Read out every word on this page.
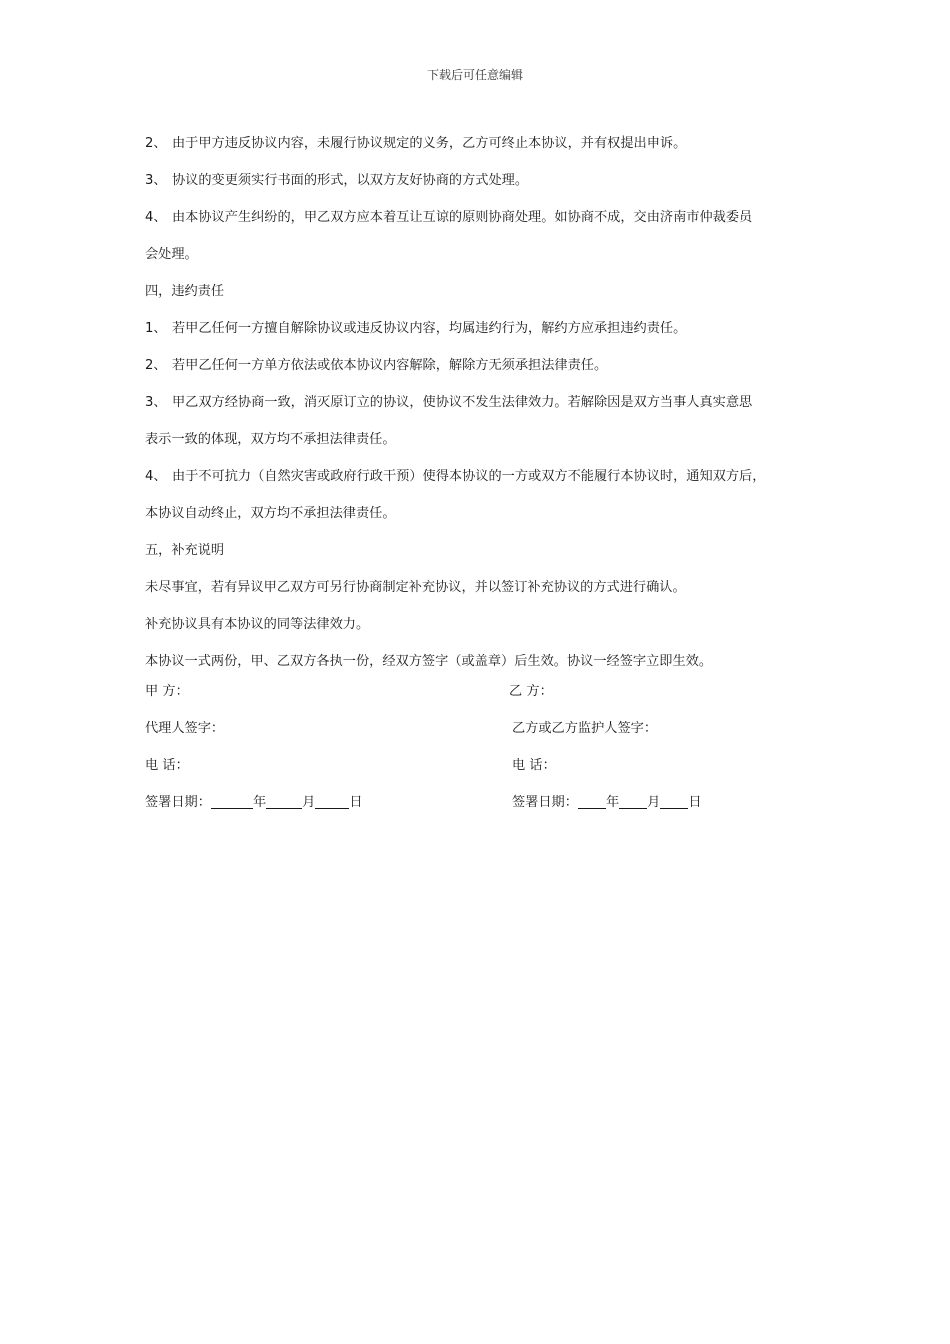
下载后可任意编辑
2、 由于甲方违反协议内容，未履行协议规定的义务，乙方可终止本协议，并有权提出申诉。
3、 协议的变更须实行书面的形式，以双方友好协商的方式处理。
4、 由本协议产生纠纷的，甲乙双方应本着互让互谅的原则协商处理。如协商不成，交由济南市仲裁委员
会处理。
四，违约责任
1、 若甲乙任何一方擅自解除协议或违反协议内容，均属违约行为，解约方应承担违约责任。
2、 若甲乙任何一方单方依法或依本协议内容解除，解除方无须承担法律责任。
3、 甲乙双方经协商一致，消灭原订立的协议，使协议不发生法律效力。若解除因是双方当事人真实意思
表示一致的体现，双方均不承担法律责任。
4、 由于不可抗力（自然灾害或政府行政干预）使得本协议的一方或双方不能履行本协议时，通知双方后，
本协议自动终止，双方均不承担法律责任。
五，补充说明
未尽事宜，若有异议甲乙双方可另行协商制定补充协议，并以签订补充协议的方式进行确认。
补充协议具有本协议的同等法律效力。
本协议一式两份，甲、乙双方各执一份，经双方签字（或盖章）后生效。协议一经签字立即生效。
甲 方：	乙 方：
代理人签字：	乙方或乙方监护人签字：
电 话：	电 话：
签署日期：	年	月	日	签署日期： 年 月 日
